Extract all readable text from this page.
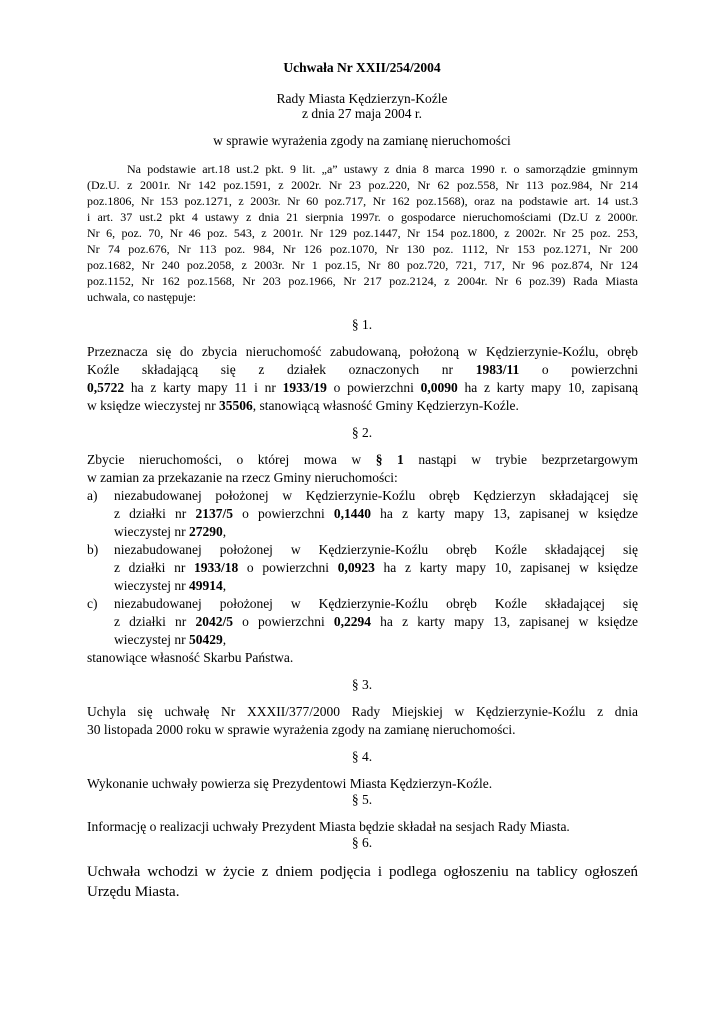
Uchwała Nr XXII/254/2004
Rady Miasta Kędzierzyn-Koźle
z dnia 27 maja 2004 r.
w sprawie wyrażenia zgody na zamianę nieruchomości
Na podstawie art.18 ust.2 pkt. 9 lit. „a” ustawy z dnia 8 marca 1990 r. o samorządzie gminnym
(Dz.U. z 2001r. Nr 142 poz.1591, z 2002r. Nr 23 poz.220, Nr 62 poz.558, Nr 113 poz.984, Nr 214
poz.1806, Nr 153 poz.1271, z 2003r. Nr 60 poz.717, Nr 162 poz.1568), oraz na podstawie art. 14 ust.3
i art. 37 ust.2 pkt 4 ustawy z dnia 21 sierpnia 1997r. o gospodarce nieruchomościami (Dz.U z 2000r.
Nr 6, poz. 70, Nr 46 poz. 543, z 2001r. Nr 129 poz.1447, Nr 154 poz.1800, z 2002r. Nr 25 poz. 253,
Nr 74 poz.676, Nr 113 poz. 984, Nr 126 poz.1070, Nr 130 poz. 1112, Nr 153 poz.1271, Nr 200
poz.1682, Nr 240 poz.2058, z 2003r. Nr 1 poz.15, Nr 80 poz.720, 721, 717, Nr 96 poz.874, Nr 124
poz.1152, Nr 162 poz.1568, Nr 203 poz.1966, Nr 217 poz.2124, z 2004r. Nr 6 poz.39) Rada Miasta
uchwala, co następuje:
§ 1.
Przeznacza się do zbycia nieruchomość zabudowaną, położoną w Kędzierzynie-Koźlu, obręb
Koźle składającą się z działek oznaczonych nr 1983/11 o powierzchni
0,5722 ha z karty mapy 11 i nr 1933/19 o powierzchni 0,0090 ha z karty mapy 10, zapisaną
w księdze wieczystej nr 35506, stanowiącą własność Gminy Kędzierzyn-Koźle.
§ 2.
Zbycie nieruchomości, o której mowa w § 1 nastąpi w trybie bezprzetargowym
w zamian za przekazanie na rzecz Gminy nieruchomości:
a) niezabudowanej położonej w Kędzierzynie-Koźlu obręb Kędzierzyn składającej się
z działki nr 2137/5 o powierzchni 0,1440 ha z karty mapy 13, zapisanej w księdze
wieczystej nr 27290,
b) niezabudowanej położonej w Kędzierzynie-Koźlu obręb Koźle składającej się
z działki nr 1933/18 o powierzchni 0,0923 ha z karty mapy 10, zapisanej w księdze
wieczystej nr 49914,
c) niezabudowanej położonej w Kędzierzynie-Koźlu obręb Koźle składającej się
z działki nr 2042/5 o powierzchni 0,2294 ha z karty mapy 13, zapisanej w księdze
wieczystej nr 50429,
stanowiące własność Skarbu Państwa.
§ 3.
Uchyla się uchwałę Nr XXXII/377/2000 Rady Miejskiej w Kędzierzynie-Koźlu z dnia
30 listopada 2000 roku w sprawie wyrażenia zgody na zamianę nieruchomości.
§ 4.
Wykonanie uchwały powierza się Prezydentowi Miasta Kędzierzyn-Koźle.
§ 5.
Informację o realizacji uchwały Prezydent Miasta będzie składał na sesjach Rady Miasta.
§ 6.
Uchwała wchodzi w życie z dniem podjęcia i podlega ogłoszeniu na tablicy ogłoszeń
Urzędu Miasta.
